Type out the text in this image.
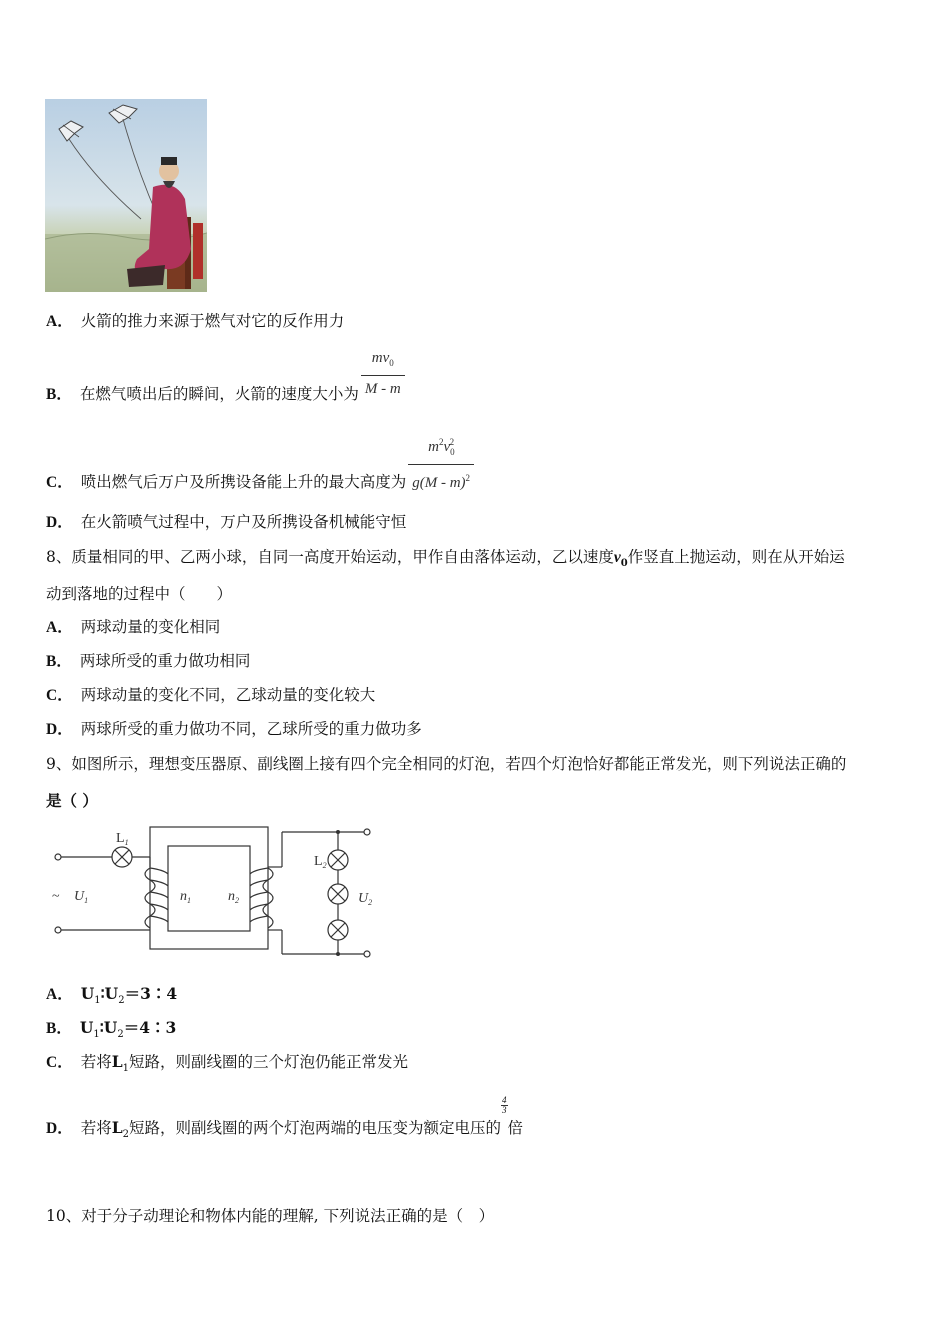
A． 火箭的推力来源于燃气对它的反作用力
B． 在燃气喷出后的瞬间，火箭的速度大小为 $\frac{mv_0}{M - m}$
C． 喷出燃气后万户及所携设备能上升的最大高度为 $\frac{m^2v_0^2}{g(M - m)^2}$
D． 在火箭喷气过程中，万户及所携设备机械能守恒
8、质量相同的甲、乙两小球，自同一高度开始运动，甲作自由落体运动，乙以速度$v_0$作竖直上抛运动，则在从开始运
动到落地的过程中（　　）
A． 两球动量的变化相同
B． 两球所受的重力做功相同
C． 两球动量的变化不同，乙球动量的变化较大
D． 两球所受的重力做功不同，乙球所受的重力做功多
9、如图所示，理想变压器原、副线圈上接有四个完全相同的灯泡，若四个灯泡恰好都能正常发光，则下列说法正确的
是（ ）
$L_1$
$L_2$
$n_1$	$n_2$
~ $U_1$	$U_2$
A． $U_1∶U_2=3∶4$
B． $U_1∶U_2=4∶3$
C． 若将$L_1$短路，则副线圈的三个灯泡仍能正常发光
D． 若将$L_2$短路，则副线圈的两个灯泡两端的电压变为额定电压的
$\frac{4}{3}$
倍
10、对于分子动理论和物体内能的理解, 下列说法正确的是（　）
